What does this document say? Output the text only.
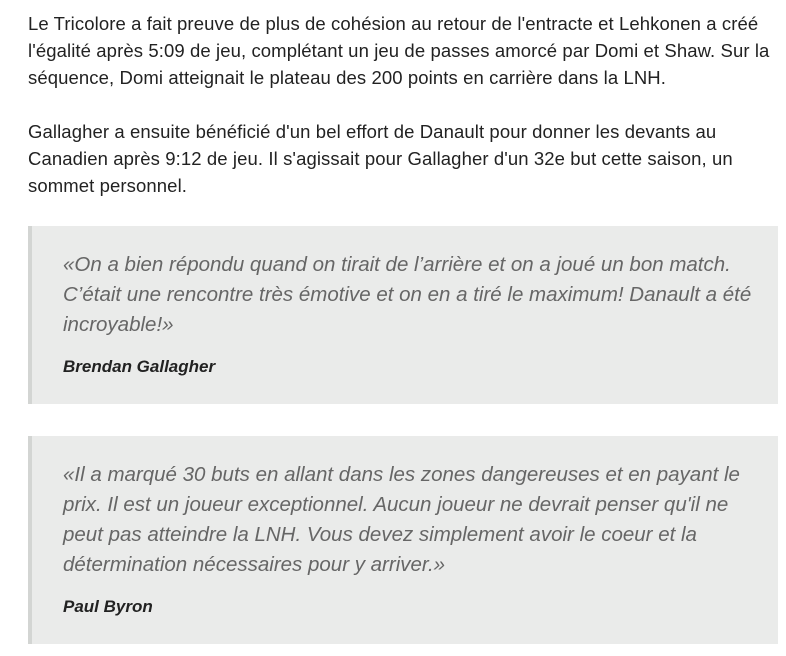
Le Tricolore a fait preuve de plus de cohésion au retour de l'entracte et Lehkonen a créé l'égalité après 5:09 de jeu, complétant un jeu de passes amorcé par Domi et Shaw. Sur la séquence, Domi atteignait le plateau des 200 points en carrière dans la LNH.

Gallagher a ensuite bénéficié d'un bel effort de Danault pour donner les devants au Canadien après 9:12 de jeu. Il s'agissait pour Gallagher d'un 32e but cette saison, un sommet personnel.

«On a bien répondu quand on tirait de l’arrière et on a joué un bon match. C’était une rencontre très émotive et on en a tiré le maximum! Danault a été incroyable!»

Brendan Gallagher

«Il a marqué 30 buts en allant dans les zones dangereuses et en payant le prix. Il est un joueur exceptionnel. Aucun joueur ne devrait penser qu'il ne peut pas atteindre la LNH. Vous devez simplement avoir le coeur et la détermination nécessaires pour y arriver.»

Paul Byron
